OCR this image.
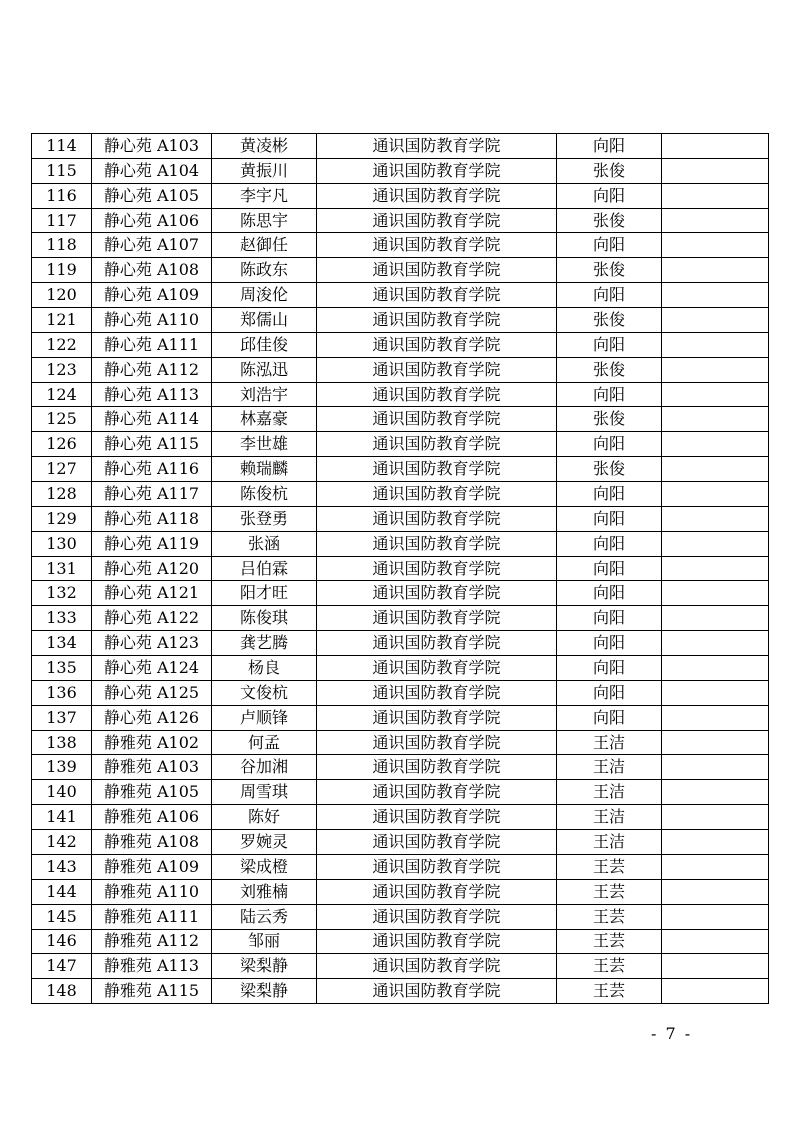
114	静心苑 A103	黄凌彬	通识国防教育学院	向阳	
115	静心苑 A104	黄振川	通识国防教育学院	张俊	
116	静心苑 A105	李宇凡	通识国防教育学院	向阳	
117	静心苑 A106	陈思宇	通识国防教育学院	张俊	
118	静心苑 A107	赵御任	通识国防教育学院	向阳	
119	静心苑 A108	陈政东	通识国防教育学院	张俊	
120	静心苑 A109	周浚伦	通识国防教育学院	向阳	
121	静心苑 A110	郑儒山	通识国防教育学院	张俊	
122	静心苑 A111	邱佳俊	通识国防教育学院	向阳	
123	静心苑 A112	陈泓迅	通识国防教育学院	张俊	
124	静心苑 A113	刘浩宇	通识国防教育学院	向阳	
125	静心苑 A114	林嘉豪	通识国防教育学院	张俊	
126	静心苑 A115	李世雄	通识国防教育学院	向阳	
127	静心苑 A116	赖瑞麟	通识国防教育学院	张俊	
128	静心苑 A117	陈俊杭	通识国防教育学院	向阳	
129	静心苑 A118	张登勇	通识国防教育学院	向阳	
130	静心苑 A119	张涵	通识国防教育学院	向阳	
131	静心苑 A120	吕伯霖	通识国防教育学院	向阳	
132	静心苑 A121	阳才旺	通识国防教育学院	向阳	
133	静心苑 A122	陈俊琪	通识国防教育学院	向阳	
134	静心苑 A123	龚艺腾	通识国防教育学院	向阳	
135	静心苑 A124	杨良	通识国防教育学院	向阳	
136	静心苑 A125	文俊杭	通识国防教育学院	向阳	
137	静心苑 A126	卢顺锋	通识国防教育学院	向阳	
138	静雅苑 A102	何孟	通识国防教育学院	王洁	
139	静雅苑 A103	谷加湘	通识国防教育学院	王洁	
140	静雅苑 A105	周雪琪	通识国防教育学院	王洁	
141	静雅苑 A106	陈好	通识国防教育学院	王洁	
142	静雅苑 A108	罗婉灵	通识国防教育学院	王洁	
143	静雅苑 A109	梁成橙	通识国防教育学院	王芸	
144	静雅苑 A110	刘雅楠	通识国防教育学院	王芸	
145	静雅苑 A111	陆云秀	通识国防教育学院	王芸	
146	静雅苑 A112	邹丽	通识国防教育学院	王芸	
147	静雅苑 A113	梁梨静	通识国防教育学院	王芸	
148	静雅苑 A115	梁梨静	通识国防教育学院	王芸	
- 7 -
